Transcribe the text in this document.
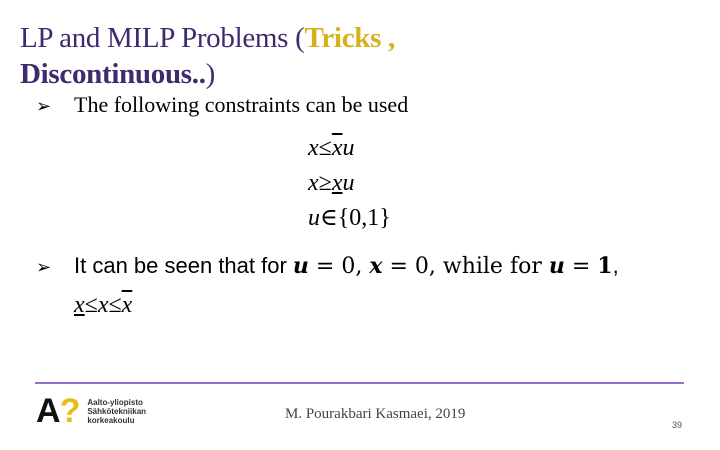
LP and MILP Problems (Tricks ,
Discontinuous..)
➢	The following constraints can be used
$x\le\overline{x}u$
x≥xu
u∈{0,1}
➢	It can be seen that for u = 0, x = 0, while for u = 1,
$x\le x\le\overline{x}$
A? Aalto-yliopisto
Sähkötekniikan
korkeakoulu	M. Pourakbari Kasmaei, 2019
39
